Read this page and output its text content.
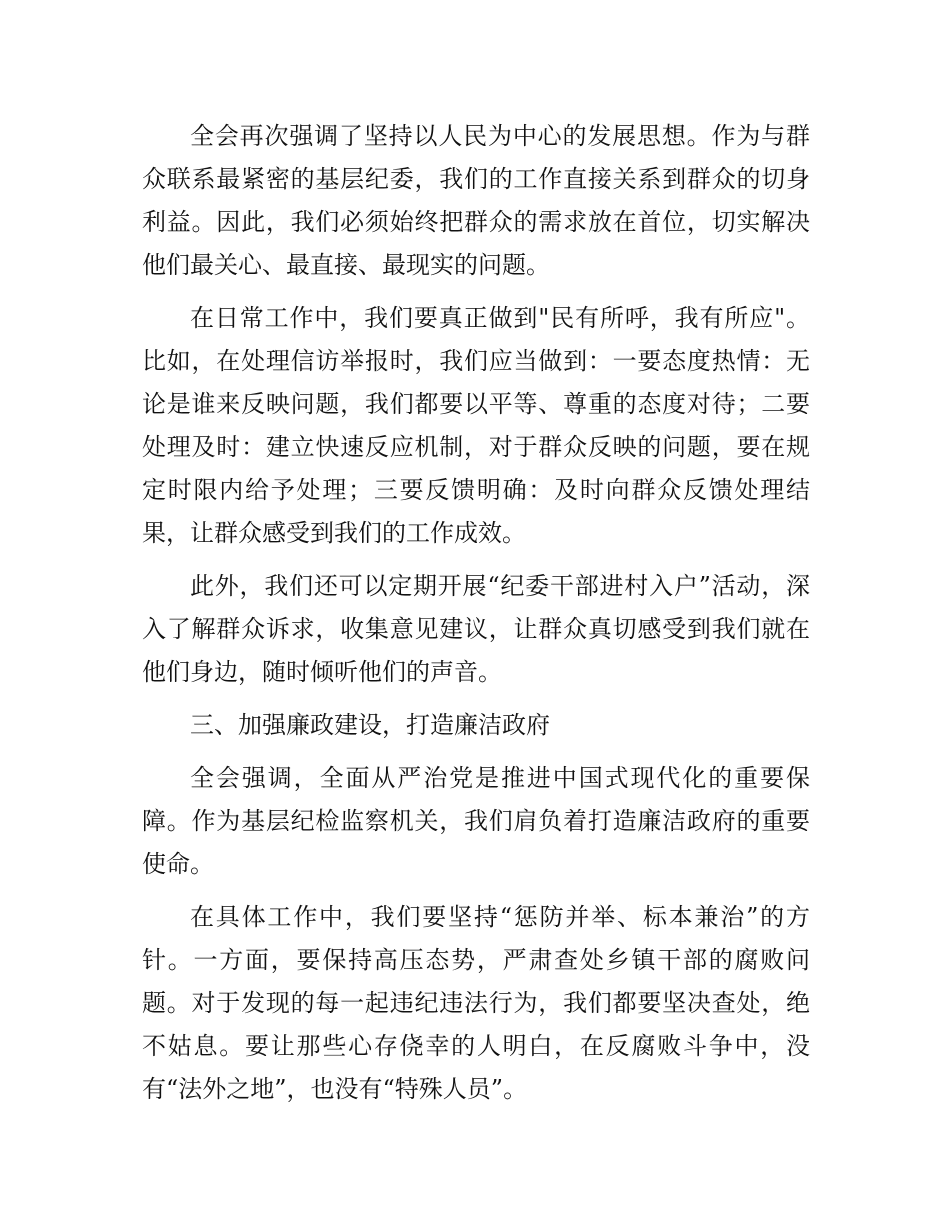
全会再次强调了坚持以人民为中心的发展思想。作为与群众联系最紧密的基层纪委，我们的工作直接关系到群众的切身利益。因此，我们必须始终把群众的需求放在首位，切实解决他们最关心、最直接、最现实的问题。

在日常工作中，我们要真正做到"民有所呼，我有所应"。比如，在处理信访举报时，我们应当做到：一要态度热情：无论是谁来反映问题，我们都要以平等、尊重的态度对待；二要处理及时：建立快速反应机制，对于群众反映的问题，要在规定时限内给予处理；三要反馈明确：及时向群众反馈处理结果，让群众感受到我们的工作成效。

此外，我们还可以定期开展“纪委干部进村入户”活动，深入了解群众诉求，收集意见建议，让群众真切感受到我们就在他们身边，随时倾听他们的声音。

三、加强廉政建设，打造廉洁政府

全会强调，全面从严治党是推进中国式现代化的重要保障。作为基层纪检监察机关，我们肩负着打造廉洁政府的重要使命。

在具体工作中，我们要坚持“惩防并举、标本兼治”的方针。一方面，要保持高压态势，严肃查处乡镇干部的腐败问题。对于发现的每一起违纪违法行为，我们都要坚决查处，绝不姑息。要让那些心存侥幸的人明白，在反腐败斗争中，没有“法外之地”，也没有“特殊人员”。
